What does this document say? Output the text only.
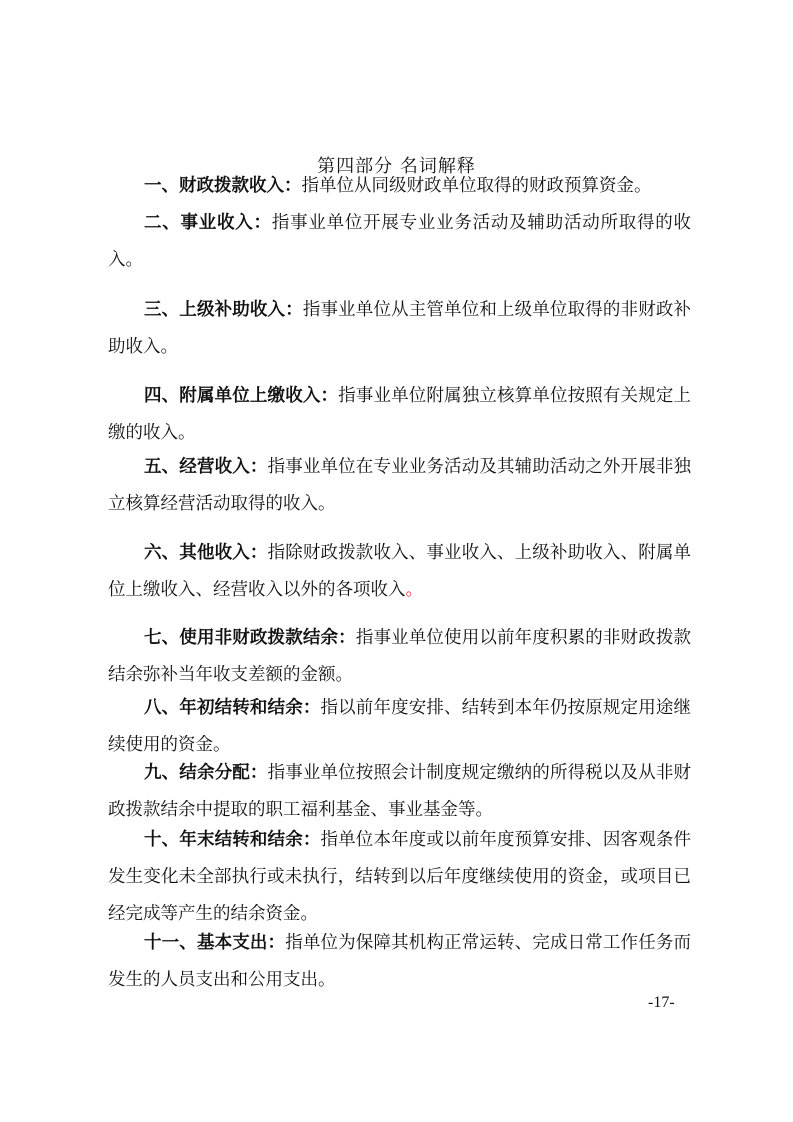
第四部分 名词解释

一、财政拨款收入：指单位从同级财政单位取得的财政预算资金。

二、事业收入：指事业单位开展专业业务活动及辅助活动所取得的收入。

三、上级补助收入：指事业单位从主管单位和上级单位取得的非财政补助收入。

四、附属单位上缴收入：指事业单位附属独立核算单位按照有关规定上缴的收入。

五、经营收入：指事业单位在专业业务活动及其辅助活动之外开展非独立核算经营活动取得的收入。

六、其他收入：指除财政拨款收入、事业收入、上级补助收入、附属单位上缴收入、经营收入以外的各项收入。

七、使用非财政拨款结余：指事业单位使用以前年度积累的非财政拨款结余弥补当年收支差额的金额。

八、年初结转和结余：指以前年度安排、结转到本年仍按原规定用途继续使用的资金。

九、结余分配：指事业单位按照会计制度规定缴纳的所得税以及从非财政拨款结余中提取的职工福利基金、事业基金等。

十、年末结转和结余：指单位本年度或以前年度预算安排、因客观条件发生变化未全部执行或未执行，结转到以后年度继续使用的资金，或项目已经完成等产生的结余资金。

十一、基本支出：指单位为保障其机构正常运转、完成日常工作任务而发生的人员支出和公用支出。

-17-
